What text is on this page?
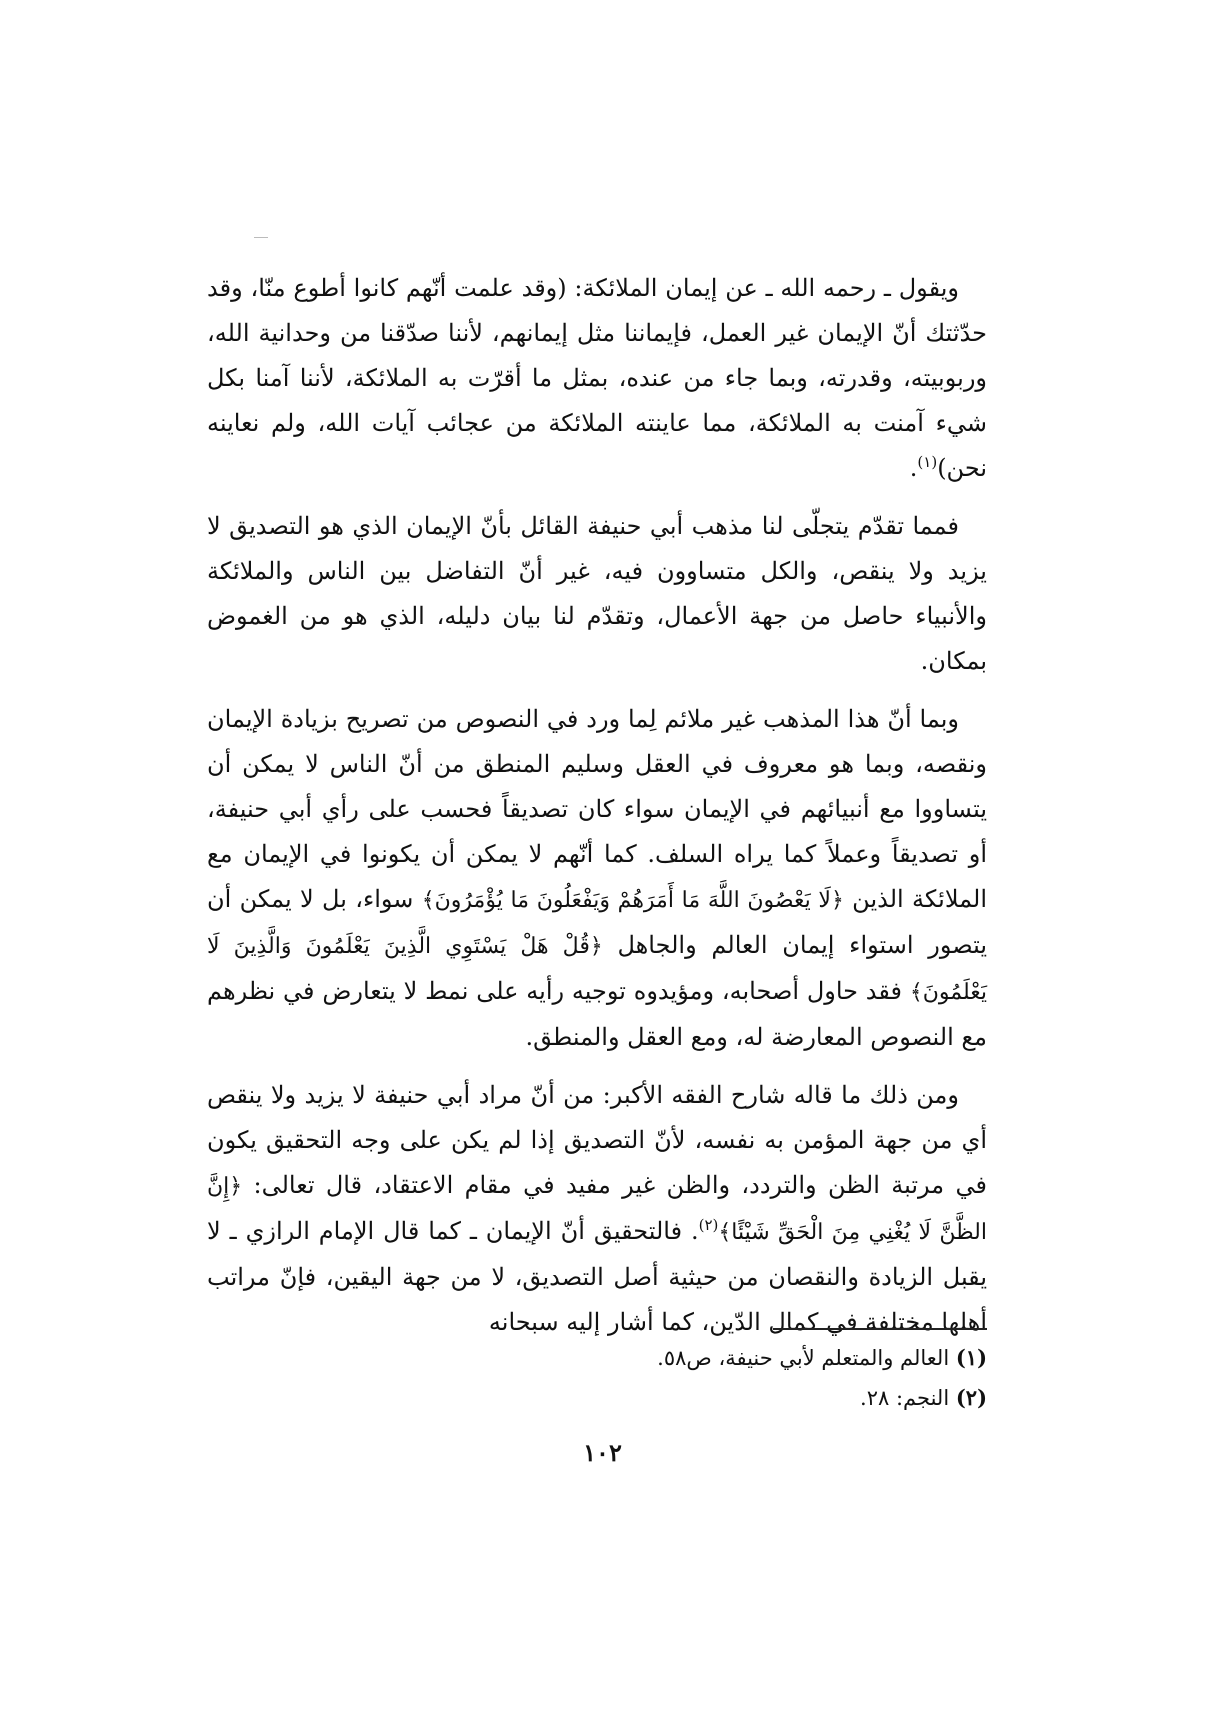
ويقول ـ رحمه الله ـ عن إيمان الملائكة: (وقد علمت أنّهم كانوا أطوع منّا، وقد حدّثتك أنّ الإيمان غير العمل، فإيماننا مثل إيمانهم، لأننا صدّقنا من وحدانية الله، وربوبيته، وقدرته، وبما جاء من عنده، بمثل ما أقرّت به الملائكة، لأننا آمنا بكل شيء آمنت به الملائكة، مما عاينته الملائكة من عجائب آيات الله، ولم نعاينه نحن)$^{(١)}$.

فمما تقدّم يتجلّى لنا مذهب أبي حنيفة القائل بأنّ الإيمان الذي هو التصديق لا يزيد ولا ينقص، والكل متساوون فيه، غير أنّ التفاضل بين الناس والملائكة والأنبياء حاصل من جهة الأعمال، وتقدّم لنا بيان دليله، الذي هو من الغموض بمكان.

وبما أنّ هذا المذهب غير ملائم لِما ورد في النصوص من تصريح بزيادة الإيمان ونقصه، وبما هو معروف في العقل وسليم المنطق من أنّ الناس لا يمكن أن يتساووا مع أنبيائهم في الإيمان سواء كان تصديقاً فحسب على رأي أبي حنيفة، أو تصديقاً وعملاً كما يراه السلف. كما أنّهم لا يمكن أن يكونوا في الإيمان مع الملائكة الذين ﴿لَا يَعْصُونَ اللَّهَ مَا أَمَرَهُمْ وَيَفْعَلُونَ مَا يُؤْمَرُونَ﴾ سواء، بل لا يمكن أن يتصور استواء إيمان العالم والجاهل ﴿قُلْ هَلْ يَسْتَوِي الَّذِينَ يَعْلَمُونَ وَالَّذِينَ لَا يَعْلَمُونَ﴾ فقد حاول أصحابه، ومؤيدوه توجيه رأيه على نمط لا يتعارض في نظرهم مع النصوص المعارضة له، ومع العقل والمنطق.

ومن ذلك ما قاله شارح الفقه الأكبر: من أنّ مراد أبي حنيفة لا يزيد ولا ينقص أي من جهة المؤمن به نفسه، لأنّ التصديق إذا لم يكن على وجه التحقيق يكون في مرتبة الظن والتردد، والظن غير مفيد في مقام الاعتقاد، قال تعالى: ﴿إِنَّ الظَّنَّ لَا يُغْنِي مِنَ الْحَقِّ شَيْئًا﴾$^{(٢)}$. فالتحقيق أنّ الإيمان ـ كما قال الإمام الرازي ـ لا يقبل الزيادة والنقصان من حيثية أصل التصديق، لا من جهة اليقين، فإنّ مراتب أهلها مختلفة في كمال الدّين، كما أشار إليه سبحانه

(١) العالم والمتعلم لأبي حنيفة، ص٥٨.

(٢) النجم: ٢٨.

١٠٢
